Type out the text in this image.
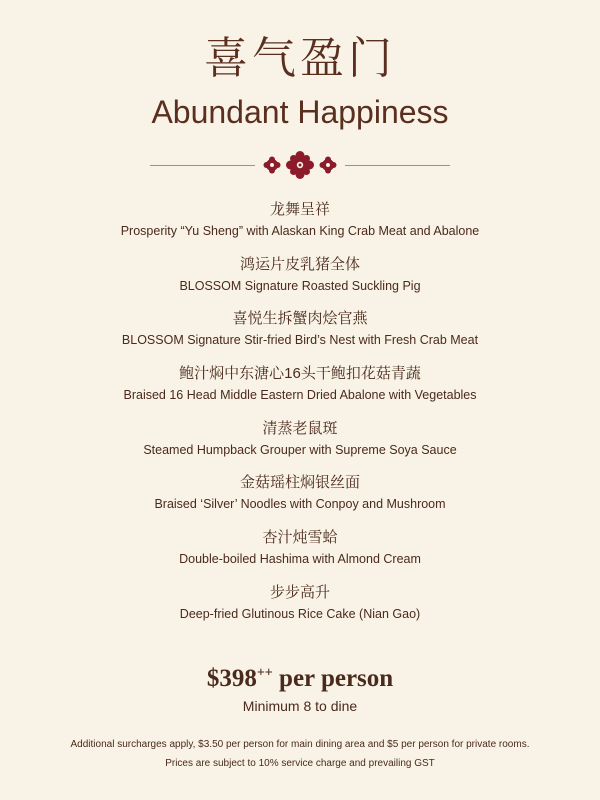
喜气盈门
Abundant Happiness
龙舞呈祥
Prosperity “Yu Sheng” with Alaskan King Crab Meat and Abalone
鸿运片皮乳猪全体
BLOSSOM Signature Roasted Suckling Pig
喜悦生拆蟹肉烩官燕
BLOSSOM Signature Stir-fried Bird’s Nest with Fresh Crab Meat
鲍汁焖中东溏心16头干鲍扣花菇青蔬
Braised 16 Head Middle Eastern Dried Abalone with Vegetables
清蒸老鼠斑
Steamed Humpback Grouper with Supreme Soya Sauce
金菇瑶柱焖银丝面
Braised ‘Silver’ Noodles with Conpoy and Mushroom
杏汁炖雪蛤
Double-boiled Hashima with Almond Cream
步步高升
Deep-fried Glutinous Rice Cake (Nian Gao)
$398++ per person
Minimum 8 to dine
Additional surcharges apply, $3.50 per person for main dining area and $5 per person for private rooms.
Prices are subject to 10% service charge and prevailing GST
